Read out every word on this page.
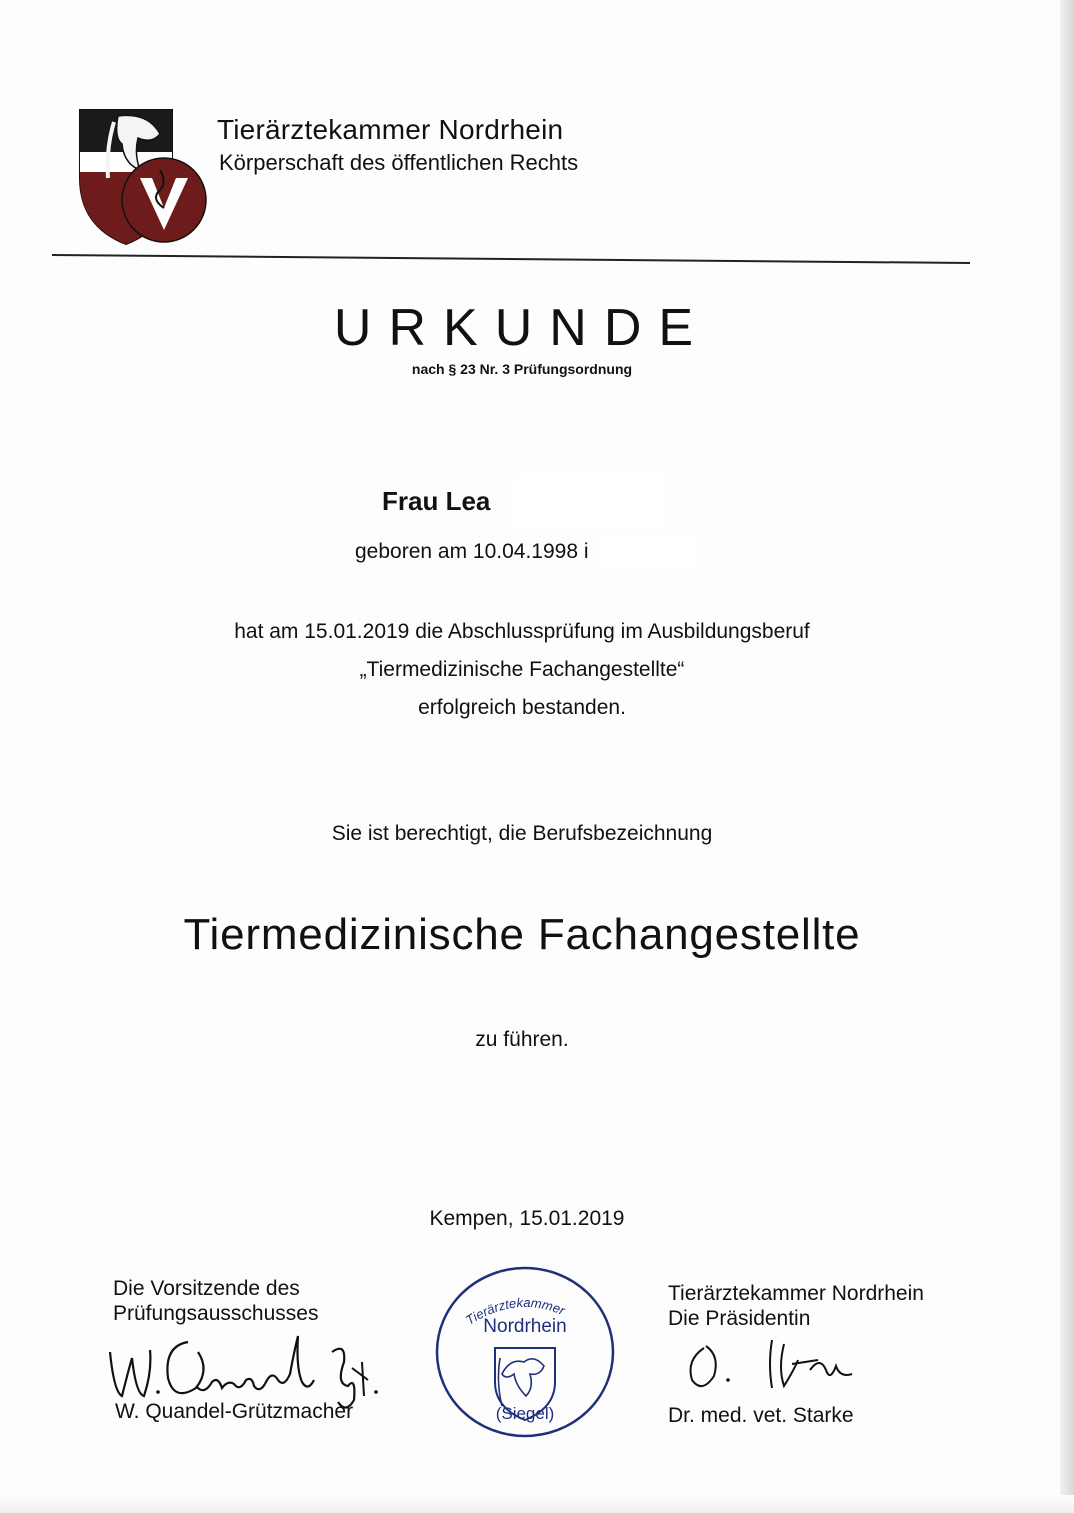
Tierärztekammer Nordrhein
Körperschaft des öffentlichen Rechts
URKUNDE
nach § 23 Nr. 3 Prüfungsordnung
Frau Lea
geboren am 10.04.1998 i
hat am 15.01.2019 die Abschlussprüfung im Ausbildungsberuf
„Tiermedizinische Fachangestellte“
erfolgreich bestanden.
Sie ist berechtigt, die Berufsbezeichnung
Tiermedizinische Fachangestellte
zu führen.
Kempen, 15.01.2019
Die Vorsitzende des
Prüfungsausschusses
W. Quandel-Grützmacher
Tierärztekammer
Nordrhein
(Siegel)
Tierärztekammer Nordrhein
Die Präsidentin
Dr. med. vet. Starke
